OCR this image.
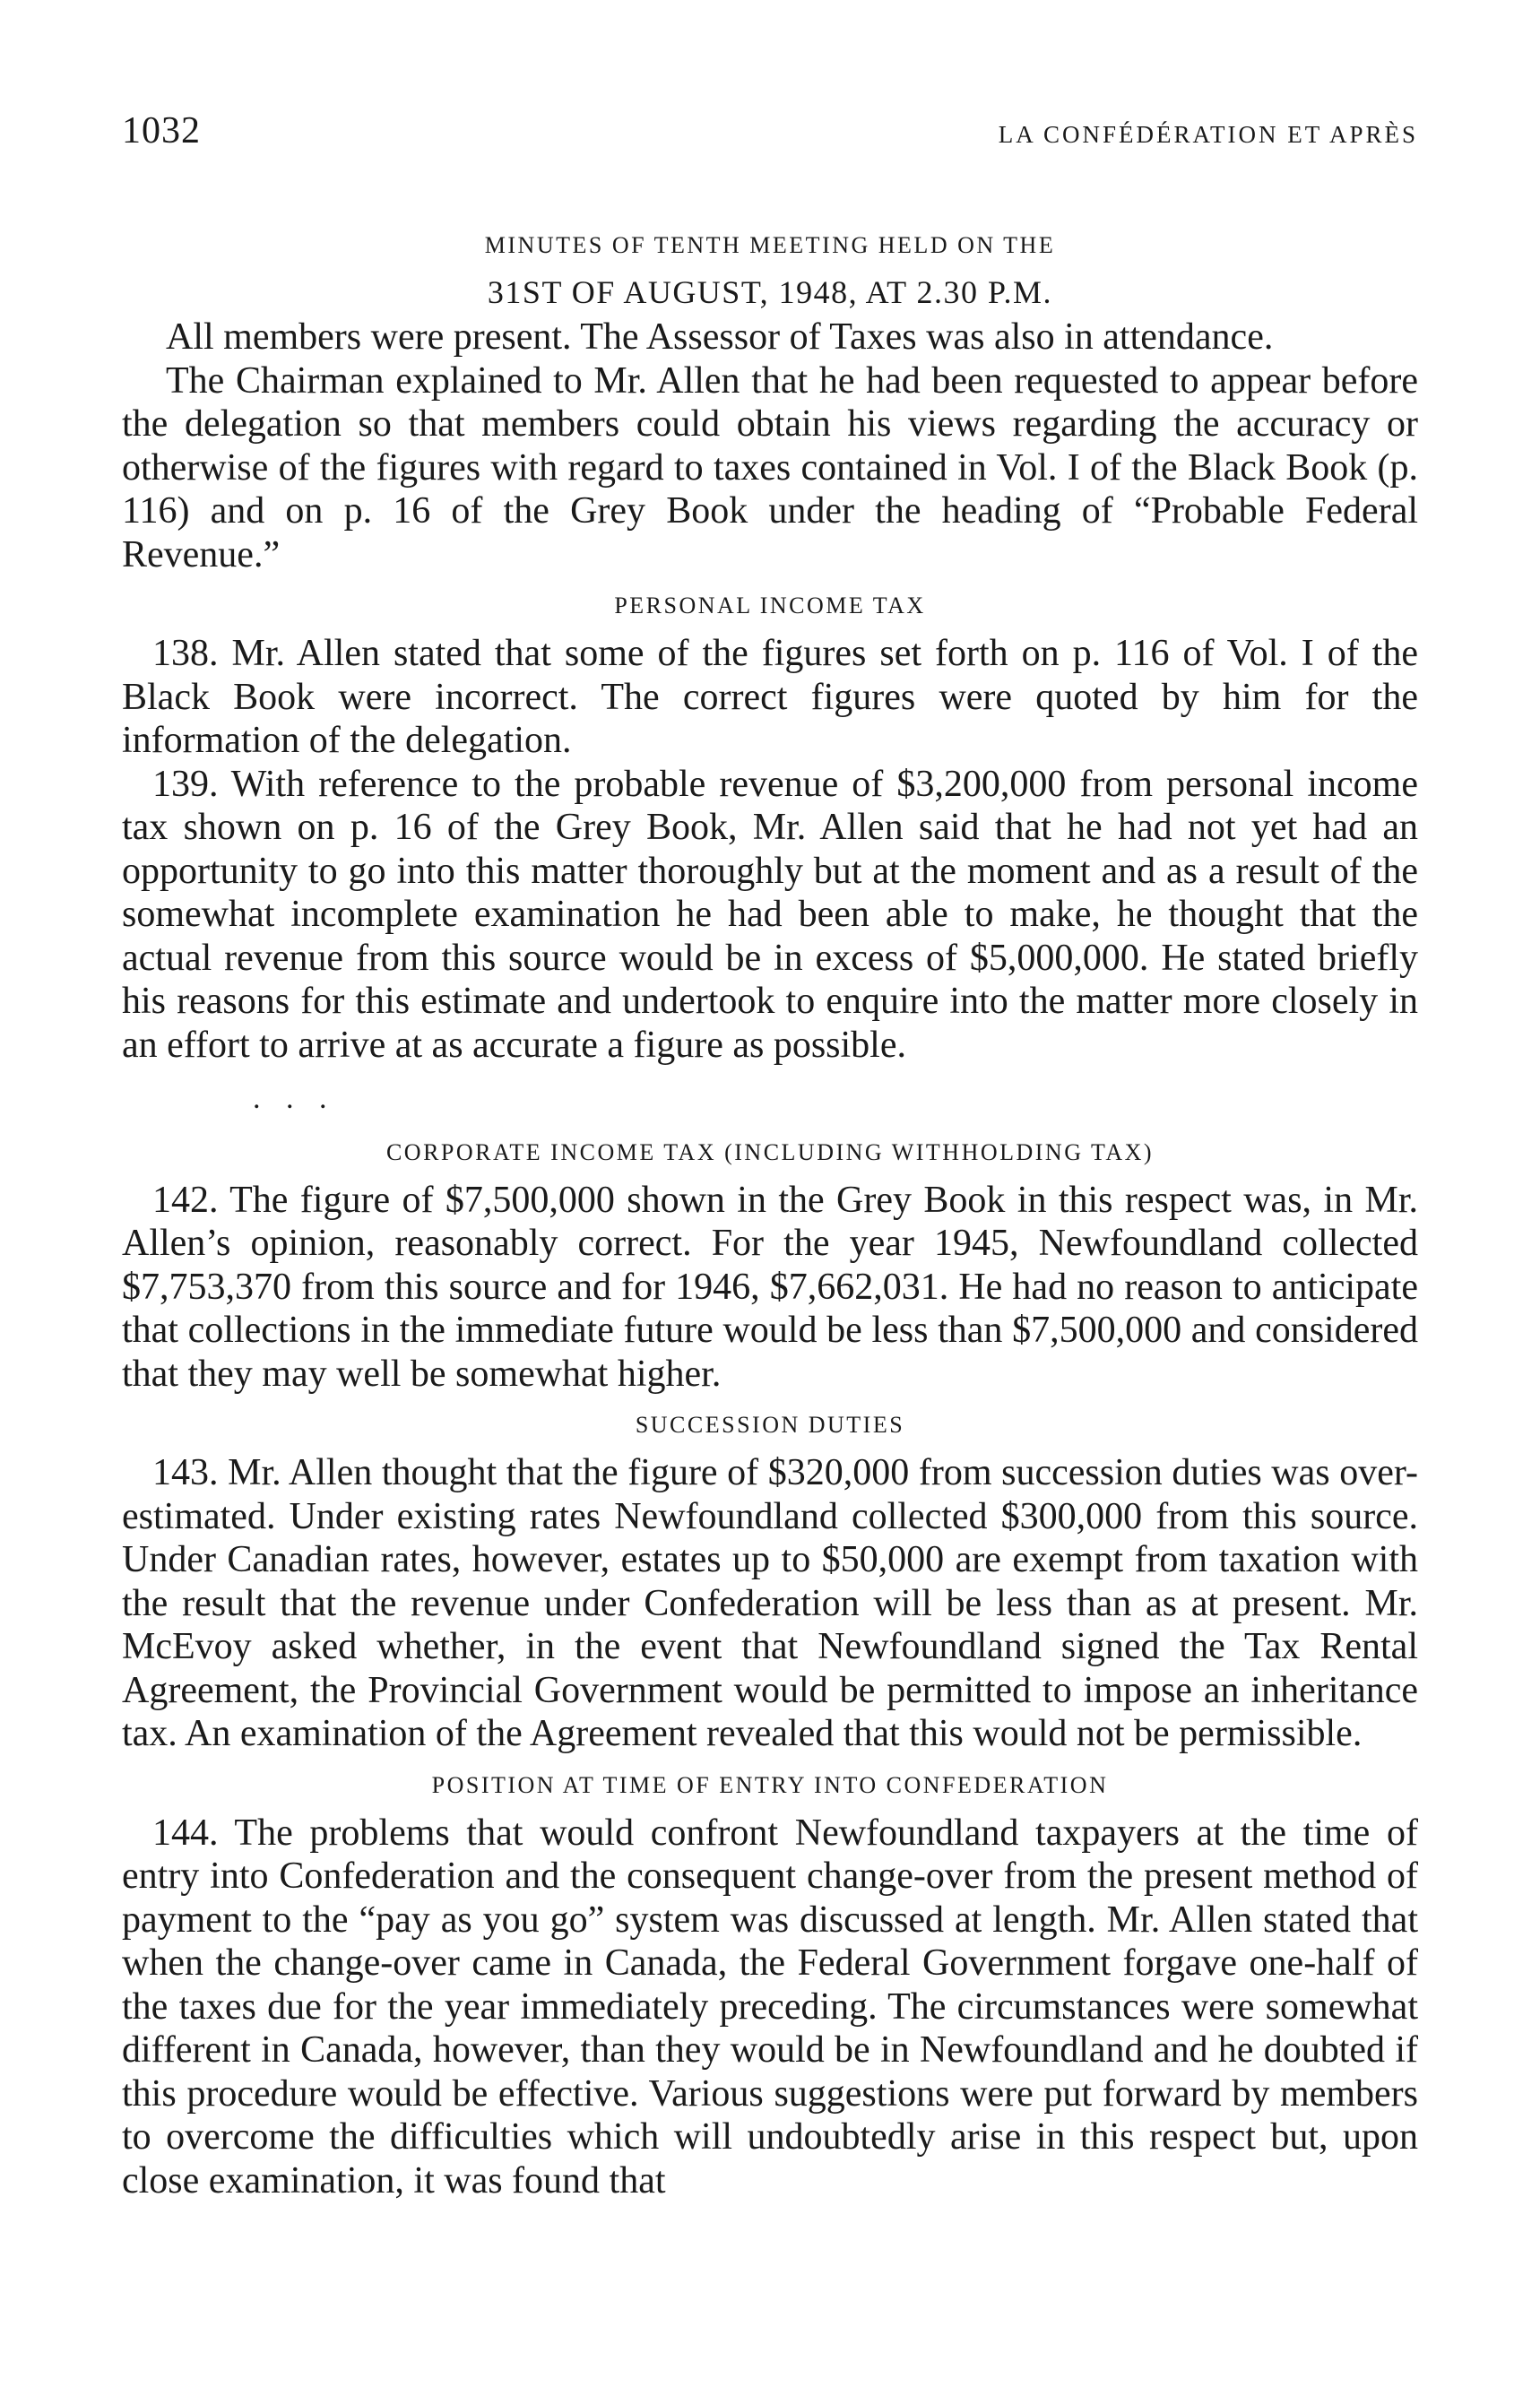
1032	LA CONFÉDÉRATION ET APRÈS
MINUTES OF TENTH MEETING HELD ON THE
31ST OF AUGUST, 1948, AT 2.30 P.M.

All members were present. The Assessor of Taxes was also in attendance.

The Chairman explained to Mr. Allen that he had been requested to appear before the delegation so that members could obtain his views regarding the accuracy or otherwise of the figures with regard to taxes contained in Vol. I of the Black Book (p. 116) and on p. 16 of the Grey Book under the heading of “Probable Federal Revenue.”

PERSONAL INCOME TAX

138. Mr. Allen stated that some of the figures set forth on p. 116 of Vol. I of the Black Book were incorrect. The correct figures were quoted by him for the information of the delegation.

139. With reference to the probable revenue of $3,200,000 from personal income tax shown on p. 16 of the Grey Book, Mr. Allen said that he had not yet had an opportunity to go into this matter thoroughly but at the moment and as a result of the somewhat incomplete examination he had been able to make, he thought that the actual revenue from this source would be in excess of $5,000,000. He stated briefly his reasons for this estimate and undertook to enquire into the matter more closely in an effort to arrive at as accurate a figure as possible.

. . .
CORPORATE INCOME TAX (INCLUDING WITHHOLDING TAX)

142. The figure of $7,500,000 shown in the Grey Book in this respect was, in Mr. Allen’s opinion, reasonably correct. For the year 1945, Newfoundland collected $7,753,370 from this source and for 1946, $7,662,031. He had no reason to anticipate that collections in the immediate future would be less than $7,500,000 and considered that they may well be somewhat higher.

SUCCESSION DUTIES

143. Mr. Allen thought that the figure of $320,000 from succession duties was over-estimated. Under existing rates Newfoundland collected $300,000 from this source. Under Canadian rates, however, estates up to $50,000 are exempt from taxation with the result that the revenue under Confederation will be less than as at present. Mr. McEvoy asked whether, in the event that Newfoundland signed the Tax Rental Agreement, the Provincial Government would be permitted to impose an inheritance tax. An examination of the Agreement revealed that this would not be permissible.

POSITION AT TIME OF ENTRY INTO CONFEDERATION

144. The problems that would confront Newfoundland taxpayers at the time of entry into Confederation and the consequent change-over from the present method of payment to the “pay as you go” system was discussed at length. Mr. Allen stated that when the change-over came in Canada, the Federal Government forgave one-half of the taxes due for the year immediately preceding. The circumstances were somewhat different in Canada, however, than they would be in Newfoundland and he doubted if this procedure would be effective. Various suggestions were put forward by members to overcome the difficulties which will undoubtedly arise in this respect but, upon close examination, it was found that
